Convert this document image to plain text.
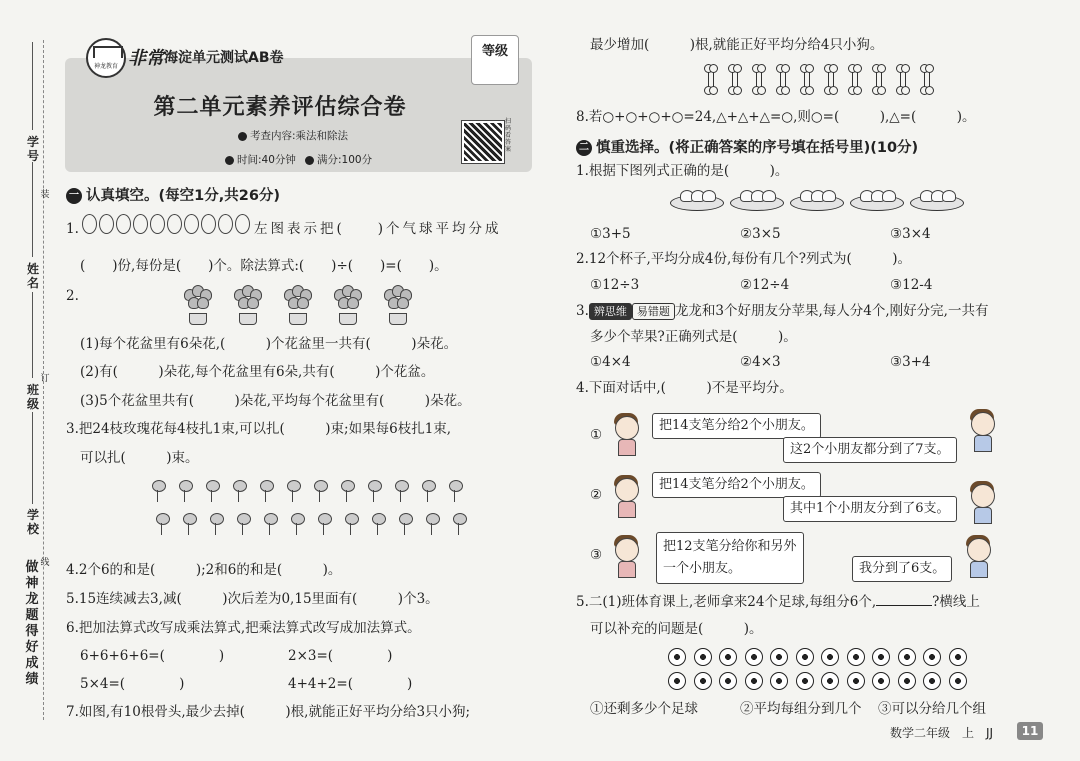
学号
姓名
班级
学校
装
订
线
做神龙题 得好成绩
神龙教育 非常 海淀单元测试AB卷	等级
第二单元素养评估综合卷
考查内容:乘法和除法
时间:40分钟	满分:100分
扫码看答案
一 认真填空。(每空1分,共26分)
1.	左图表示把(　　)个气球平均分成
(　　)份,每份是(　　)个。除法算式:(　　)÷(　　)=(　　)。
2.
(1)每个花盆里有6朵花,(　　　)个花盆里一共有(　　　)朵花。
(2)有(　　　)朵花,每个花盆里有6朵,共有(　　　)个花盆。
(3)5个花盆里共有(　　　)朵花,平均每个花盆里有(　　　)朵花。
3.把24枝玫瑰花每4枝扎1束,可以扎(　　　)束;如果每6枝扎1束,
可以扎(　　　)束。
4.2个6的和是(　　　);2和6的和是(　　　)。
5.15连续减去3,减(　　　)次后差为0,15里面有(　　　)个3。
6.把加法算式改写成乘法算式,把乘法算式改写成加法算式。
6+6+6+6=(　　　　)	2×3=(　　　　)
5×4=(　　　　)	4+4+2=(　　　　)
7.如图,有10根骨头,最少去掉(　　　)根,就能正好平均分给3只小狗;
最少增加(　　　)根,就能正好平均分给4只小狗。
8.若○+○+○+○=24,△+△+△=○,则○=(　　　),△=(　　　)。
二 慎重选择。(将正确答案的序号填在括号里)(10分)
1.根据下图列式正确的是(　　　)。
①3+5	②3×5	③3×4
2.12个杯子,平均分成4份,每份有几个?列式为(　　　)。
①12÷3	②12÷4	③12-4
3. 辨思维 易错题 龙龙和3个好朋友分苹果,每人分4个,刚好分完,一共有
多少个苹果?正确列式是(　　　)。
①4×4	②4×3	③3+4
4.下面对话中,(　　　)不是平均分。
①
把14支笔分给2个小朋友。
这2个小朋友都分到了7支。
②
把14支笔分给2个小朋友。
其中1个小朋友分到了6支。
③
把12支笔分给你和另外
一个小朋友。	我分到了6支。
5.二(1)班体育课上,老师拿来24个足球,每组分6个,	?横线上
可以补充的问题是(　　　)。
①还剩多少个足球	②平均每组分到几个 ③可以分给几个组
数学二年级　上　JJ	11
